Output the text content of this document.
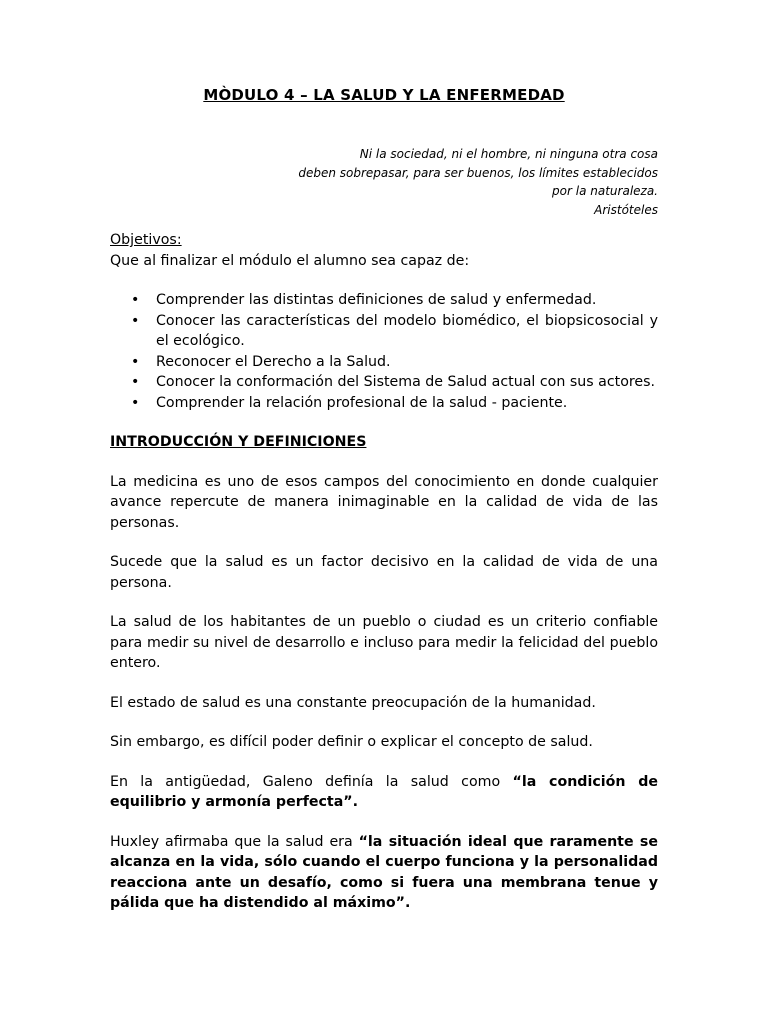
MÒDULO 4 – LA SALUD Y LA ENFERMEDAD
Ni la sociedad, ni el hombre, ni ninguna otra cosa
deben sobrepasar, para ser buenos, los límites establecidos
por la naturaleza.
Aristóteles
Objetivos:
Que al finalizar el módulo el alumno sea capaz de:
• Comprender las distintas definiciones de salud y enfermedad.
• Conocer las características del modelo biomédico, el biopsicosocial y el ecológico.
• Reconocer el Derecho a la Salud.
• Conocer la conformación del Sistema de Salud actual con sus actores.
• Comprender la relación profesional de la salud - paciente.
INTRODUCCIÓN Y DEFINICIONES

La medicina es uno de esos campos del conocimiento en donde cualquier avance repercute de manera inimaginable en la calidad de vida de las personas.

Sucede que la salud es un factor decisivo en la calidad de vida de una persona.

La salud de los habitantes de un pueblo o ciudad es un criterio confiable para medir su nivel de desarrollo e incluso para medir la felicidad del pueblo entero.

El estado de salud es una constante preocupación de la humanidad.

Sin embargo, es difícil poder definir o explicar el concepto de salud.

En la antigüedad, Galeno definía la salud como “la condición de equilibrio y armonía perfecta”.

Huxley afirmaba que la salud era “la situación ideal que raramente se alcanza en la vida, sólo cuando el cuerpo funciona y la personalidad reacciona ante un desafío, como si fuera una membrana tenue y pálida que ha distendido al máximo”.
